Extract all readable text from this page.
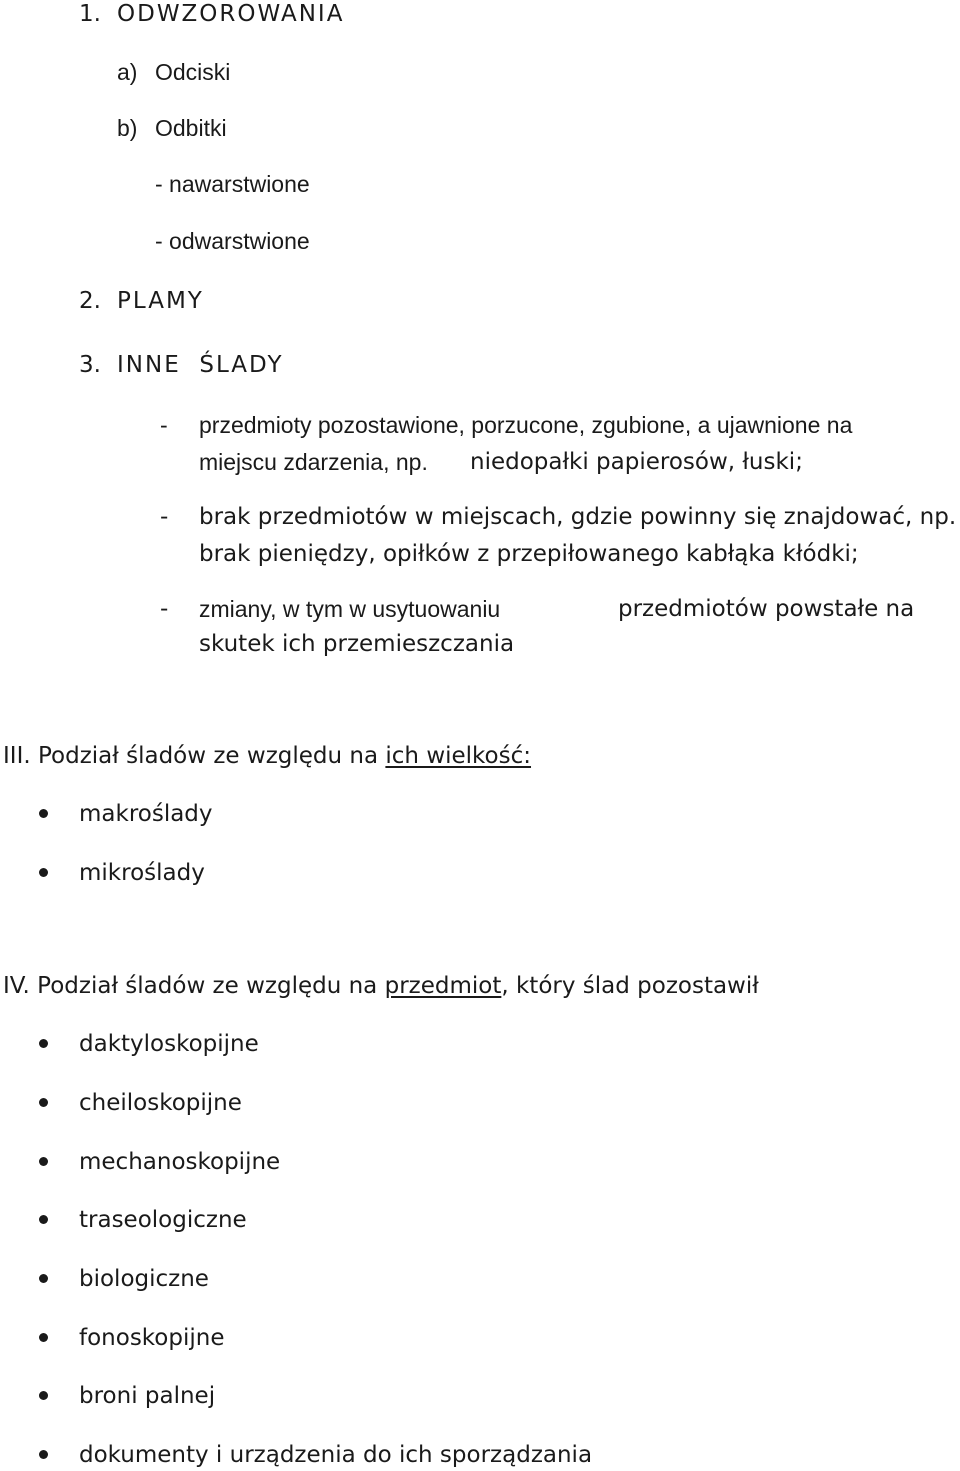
1. ODWZOROWANIA
a) Odciski
b) Odbitki
- nawarstwione
- odwarstwione
2. PLAMY
3. INNE  ŚLADY
- przedmioty pozostawione, porzucone, zgubione, a ujawnione na
miejscu zdarzenia, np. niedopałki papierosów, łuski;
- brak przedmiotów w miejscach, gdzie powinny się znajdować, np.
brak pieniędzy, opiłków z przepiłowanego kabłąka kłódki;
- zmiany, w tym w usytuowaniu	przedmiotów powstałe na
skutek ich przemieszczania
III. Podział śladów ze względu na ich wielkość:
makroślady
mikroślady
IV. Podział śladów ze względu na przedmiot, który ślad pozostawił
daktyloskopijne
cheiloskopijne
mechanoskopijne
traseologiczne
biologiczne
fonoskopijne
broni palnej
dokumenty i urządzenia do ich sporządzania
